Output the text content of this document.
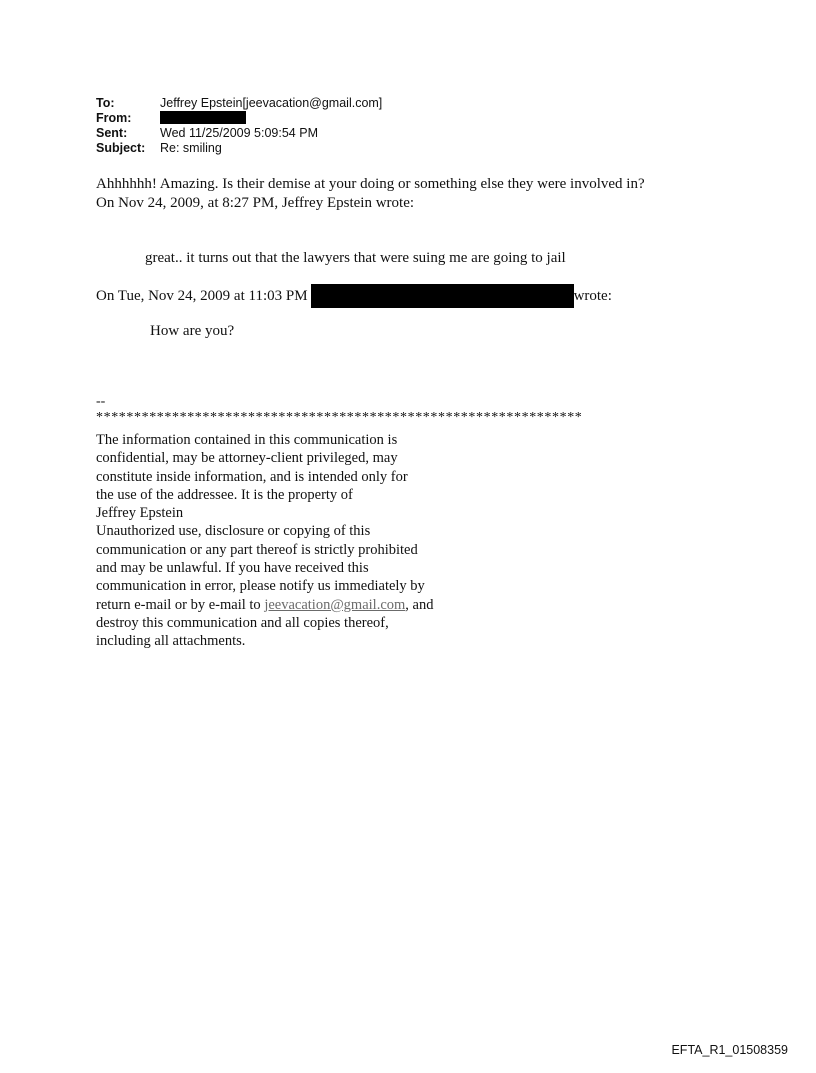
To:	Jeffrey Epstein[jeevacation@gmail.com]
From:
Sent:	Wed 11/25/2009 5:09:54 PM
Subject:	Re: smiling
Ahhhhhh! Amazing. Is their demise at your doing or something else they were involved in?
On Nov 24, 2009, at 8:27 PM, Jeffrey Epstein wrote:
great.. it turns out that the lawyers that were suing me are going to jail
On Tue, Nov 24, 2009 at 11:03 PM	wrote:
How are you?
--
****************************************************************
The information contained in this communication is
confidential, may be attorney-client privileged, may
constitute inside information, and is intended only for
the use of the addressee. It is the property of
Jeffrey Epstein
Unauthorized use, disclosure or copying of this
communication or any part thereof is strictly prohibited
and may be unlawful. If you have received this
communication in error, please notify us immediately by
return e-mail or by e-mail to jeevacation@gmail.com, and
destroy this communication and all copies thereof,
including all attachments.
EFTA_R1_01508359
